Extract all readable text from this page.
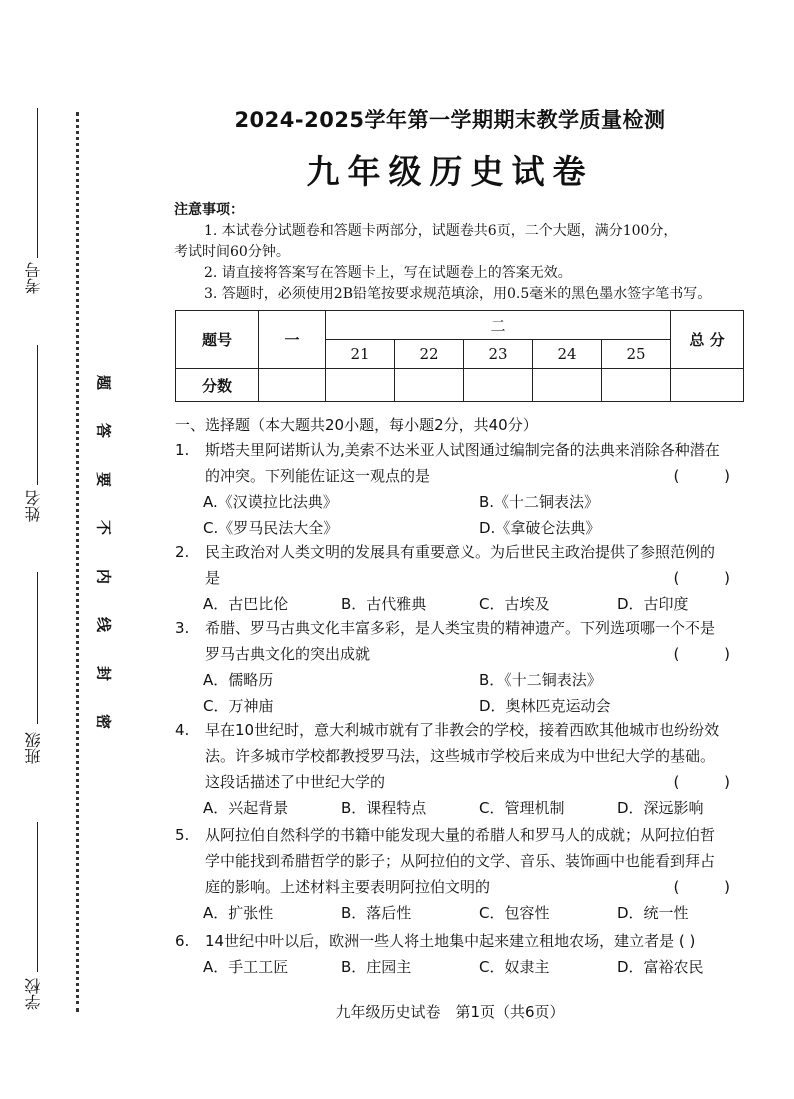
考号
姓名
班级
学校
题
答
要
不
内
线
封
密
2024-2025学年第一学期期末教学质量检测
九年级历史试卷

注意事项：

1. 本试卷分试题卷和答题卡两部分，试题卷共6页，二个大题，满分100分，

考试时间60分钟。

2. 请直接将答案写在答题卡上，写在试题卷上的答案无效。

3. 答题时，必须使用2B铅笔按要求规范填涂，用0.5毫米的黑色墨水签字笔书写。

题号	一	二					总 分
		21	22	23	24	25	
分数							
一、选择题（本大题共20小题，每小题2分，共40分）
1.	斯塔夫里阿诺斯认为,美索不达米亚人试图通过编制完备的法典来消除各种潜在
的冲突。下列能佐证这一观点的是	( )
A.《汉谟拉比法典》	B.《十二铜表法》
C.《罗马民法大全》	D.《拿破仑法典》
2.	民主政治对人类文明的发展具有重要意义。为后世民主政治提供了参照范例的
是	( )
A．古巴比伦	B．古代雅典	C．古埃及	D．古印度
3.	希腊、罗马古典文化丰富多彩，是人类宝贵的精神遗产。下列选项哪一个不是
罗马古典文化的突出成就	( )
A．儒略历	B．《十二铜表法》
C．万神庙	D．奥林匹克运动会
4.	早在10世纪时，意大利城市就有了非教会的学校，接着西欧其他城市也纷纷效
法。许多城市学校都教授罗马法，这些城市学校后来成为中世纪大学的基础。
这段话描述了中世纪大学的	( )
A．兴起背景	B．课程特点	C．管理机制	D．深远影响
5.	从阿拉伯自然科学的书籍中能发现大量的希腊人和罗马人的成就；从阿拉伯哲
学中能找到希腊哲学的影子；从阿拉伯的文学、音乐、装饰画中也能看到拜占
庭的影响。上述材料主要表明阿拉伯文明的	( )
A．扩张性	B．落后性	C．包容性	D．统一性
6.	14世纪中叶以后，欧洲一些人将土地集中起来建立租地农场，建立者是 ( )
A．手工工匠	B．庄园主	C．奴隶主	D．富裕农民
九年级历史试卷　第1页（共6页）
